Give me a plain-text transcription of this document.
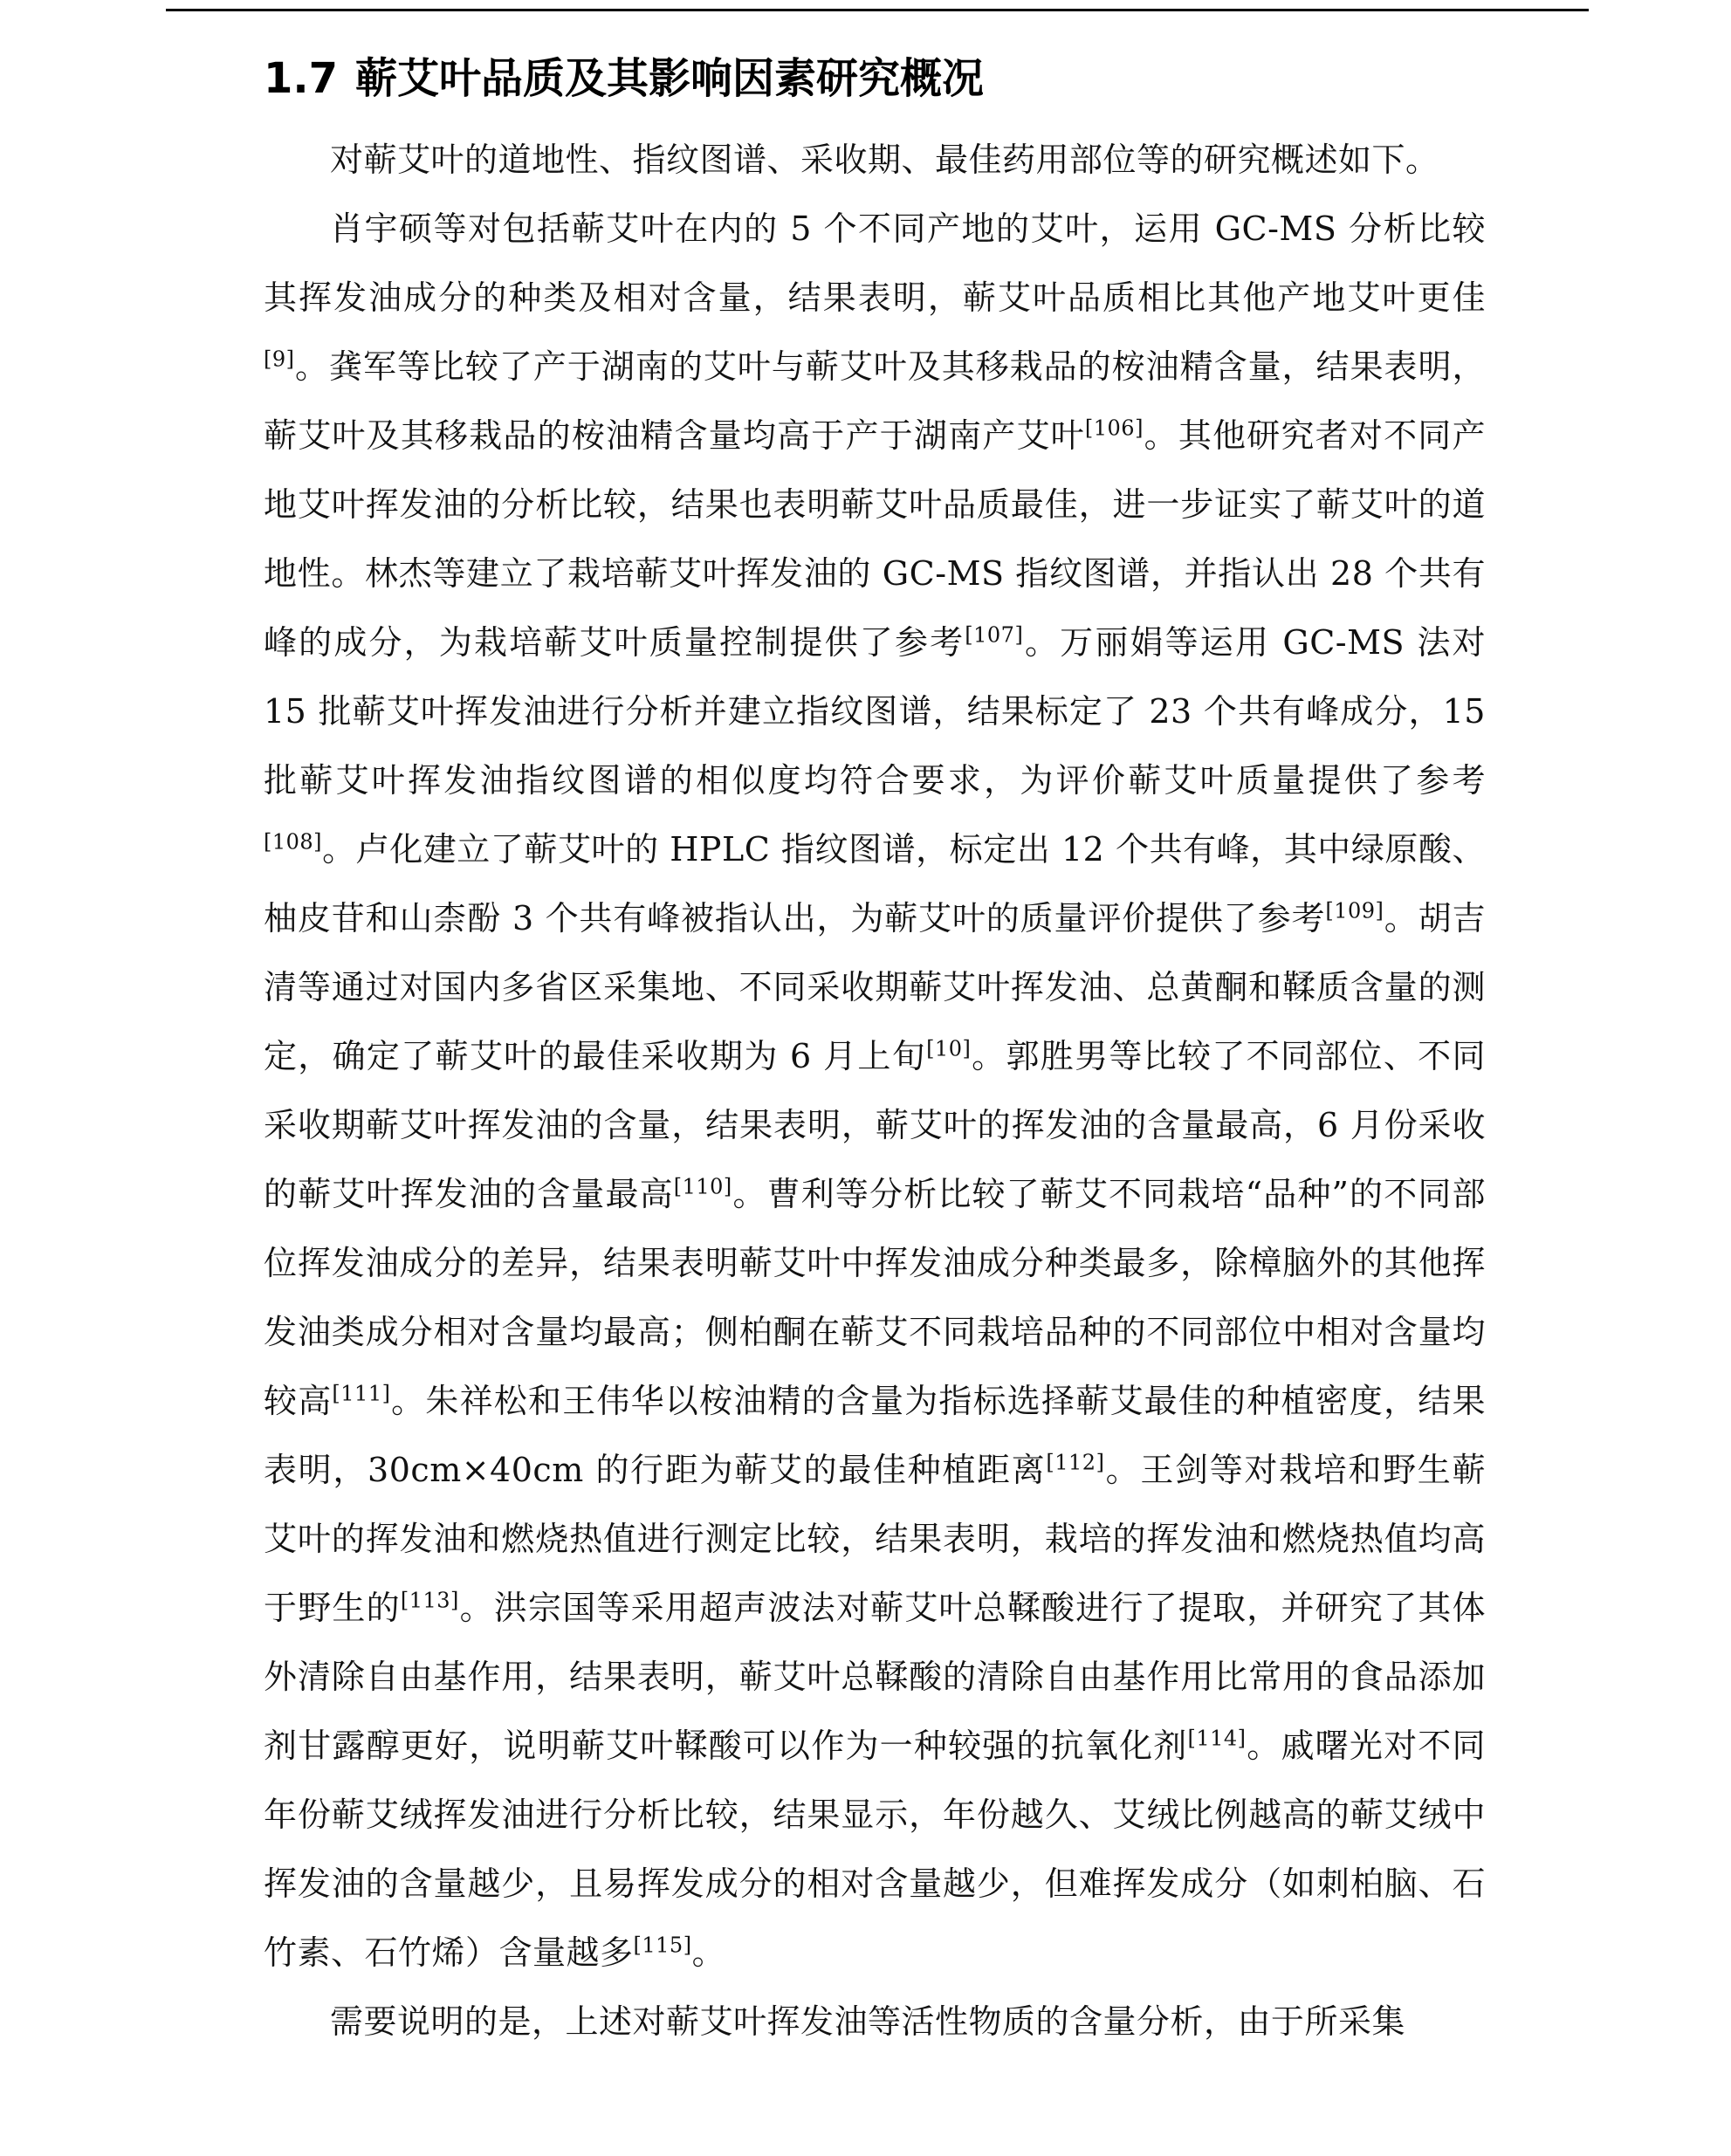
1.7 蕲艾叶品质及其影响因素研究概况

对蕲艾叶的道地性、指纹图谱、采收期、最佳药用部位等的研究概述如下。

肖宇硕等对包括蕲艾叶在内的 5 个不同产地的艾叶，运用 GC-MS 分析比较其挥发油成分的种类及相对含量，结果表明，蕲艾叶品质相比其他产地艾叶更佳[9]。龚军等比较了产于湖南的艾叶与蕲艾叶及其移栽品的桉油精含量，结果表明，蕲艾叶及其移栽品的桉油精含量均高于产于湖南产艾叶[106]。其他研究者对不同产地艾叶挥发油的分析比较，结果也表明蕲艾叶品质最佳，进一步证实了蕲艾叶的道地性。林杰等建立了栽培蕲艾叶挥发油的 GC-MS 指纹图谱，并指认出 28 个共有峰的成分，为栽培蕲艾叶质量控制提供了参考[107]。万丽娟等运用 GC-MS 法对 15 批蕲艾叶挥发油进行分析并建立指纹图谱，结果标定了 23 个共有峰成分，15 批蕲艾叶挥发油指纹图谱的相似度均符合要求，为评价蕲艾叶质量提供了参考[108]。卢化建立了蕲艾叶的 HPLC 指纹图谱，标定出 12 个共有峰，其中绿原酸、柚皮苷和山柰酚 3 个共有峰被指认出，为蕲艾叶的质量评价提供了参考[109]。胡吉清等通过对国内多省区采集地、不同采收期蕲艾叶挥发油、总黄酮和鞣质含量的测定，确定了蕲艾叶的最佳采收期为 6 月上旬[10]。郭胜男等比较了不同部位、不同采收期蕲艾叶挥发油的含量，结果表明，蕲艾叶的挥发油的含量最高，6 月份采收的蕲艾叶挥发油的含量最高[110]。曹利等分析比较了蕲艾不同栽培“品种”的不同部位挥发油成分的差异，结果表明蕲艾叶中挥发油成分种类最多，除樟脑外的其他挥发油类成分相对含量均最高；侧柏酮在蕲艾不同栽培品种的不同部位中相对含量均较高[111]。朱祥松和王伟华以桉油精的含量为指标选择蕲艾最佳的种植密度，结果表明，30cm×40cm 的行距为蕲艾的最佳种植距离[112]。王剑等对栽培和野生蕲艾叶的挥发油和燃烧热值进行测定比较，结果表明，栽培的挥发油和燃烧热值均高于野生的[113]。洪宗国等采用超声波法对蕲艾叶总鞣酸进行了提取，并研究了其体外清除自由基作用，结果表明，蕲艾叶总鞣酸的清除自由基作用比常用的食品添加剂甘露醇更好，说明蕲艾叶鞣酸可以作为一种较强的抗氧化剂[114]。戚曙光对不同年份蕲艾绒挥发油进行分析比较，结果显示，年份越久、艾绒比例越高的蕲艾绒中挥发油的含量越少，且易挥发成分的相对含量越少，但难挥发成分（如刺柏脑、石竹素、石竹烯）含量越多[115]。

需要说明的是，上述对蕲艾叶挥发油等活性物质的含量分析，由于所采集
